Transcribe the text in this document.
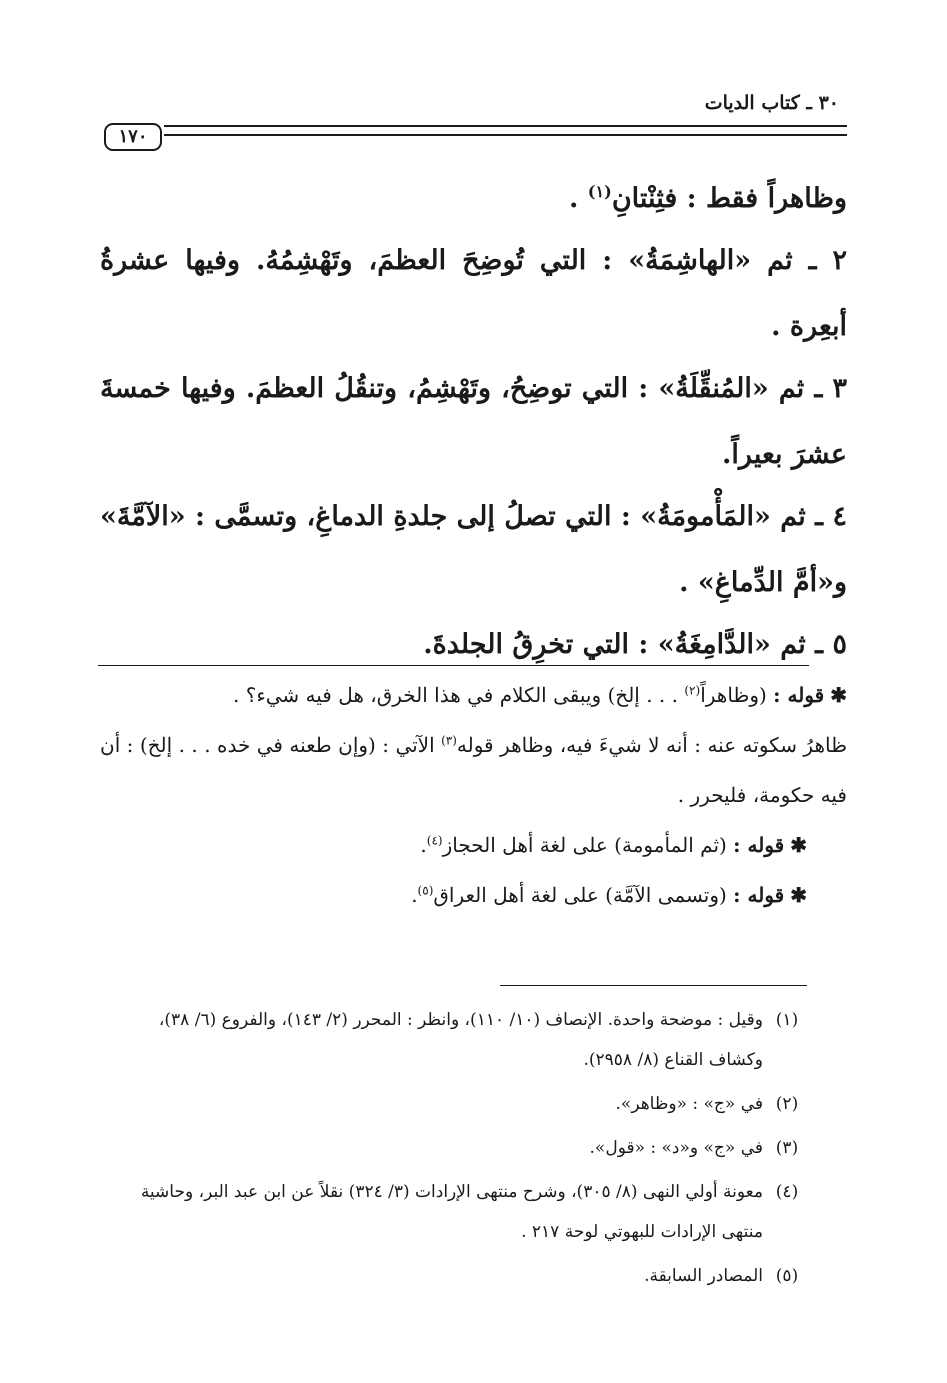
٣٠ ـ كتاب الديات
١٧٠

وظاهراً فقط : فثِنْتانِ$^{(١)}$ .

٢ ـ ثم «الهاشِمَةُ» : التي تُوضِحَ العظمَ، وتَهْشِمُهُ. وفيها عشرةُ أبعِرة .

٣ ـ ثم «المُنقِّلَةُ» : التي توضِحُ، وتَهْشِمُ، وتنقُلُ العظمَ. وفيها خمسةَ عشرَ بعيراً.

٤ ـ ثم «المَأْمومَةُ» : التي تصلُ إلى جلدةِ الدماغِ، وتسمَّى : «الآمَّةَ» و«أمَّ الدِّماغِ» .

٥ ـ ثم «الدَّامِغَةُ» : التي تخرِقُ الجلدةَ.

✱قوله : (وظاهراً$^{(٢)}$ . . . إلخ) ويبقى الكلام في هذا الخرق، هل فيه شيء؟ .

ظاهرُ سكوته عنه : أنه لا شيءَ فيه، وظاهر قوله$^{(٣)}$ الآتي : (وإن طعنه في خده . . . إلخ) : أن فيه حكومة، فليحرر .

✱قوله : (ثم المأمومة) على لغة أهل الحجاز$^{(٤)}$.

✱قوله : (وتسمى الآمَّة) على لغة أهل العراق$^{(٥)}$.

(١)
وقيل : موضحة واحدة. الإنصاف (١٠/ ١١٠)، وانظر : المحرر (٢/ ١٤٣)، والفروع (٦/ ٣٨)، وكشاف القناع (٨/ ٢٩٥٨).
(٢)
في «ج» : «وظاهر».
(٣)
في «ج» و«د» : «قول».
(٤)
معونة أولي النهى (٨/ ٣٠٥)، وشرح منتهى الإرادات (٣/ ٣٢٤) نقلاً عن ابن عبد البر، وحاشية منتهى الإرادات للبهوتي لوحة ٢١٧ .
(٥)
المصادر السابقة.
